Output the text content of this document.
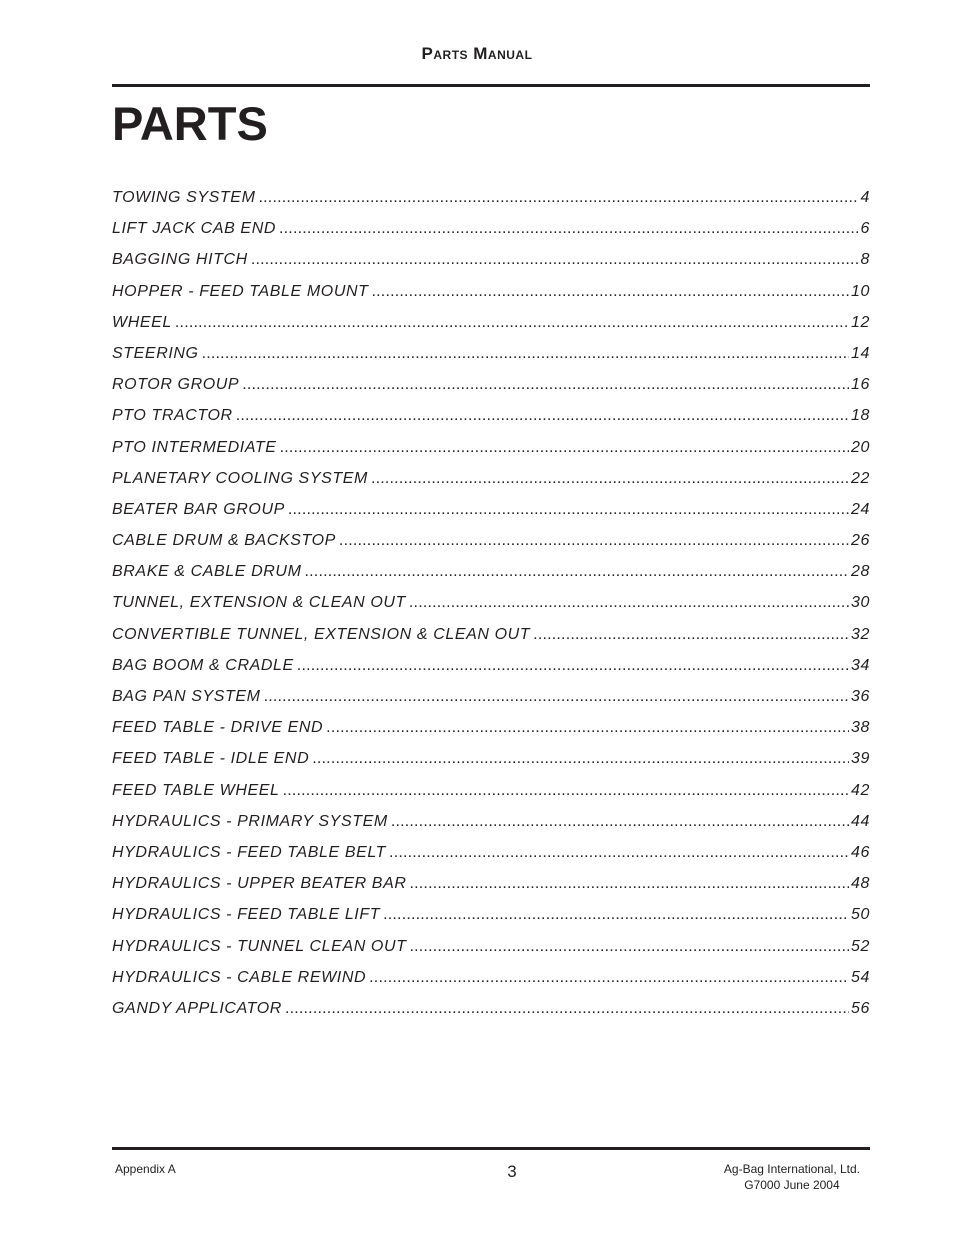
Parts Manual
PARTS
TOWING SYSTEM .....	4
LIFT JACK CAB END .....	6
BAGGING HITCH .....	8
HOPPER - FEED TABLE MOUNT .....	10
WHEEL .....	12
STEERING .....	14
ROTOR GROUP .....	16
PTO TRACTOR .....	18
PTO INTERMEDIATE .....	20
PLANETARY COOLING SYSTEM .....	22
BEATER BAR GROUP .....	24
CABLE DRUM & BACKSTOP .....	26
BRAKE & CABLE DRUM .....	28
TUNNEL, EXTENSION & CLEAN OUT .....	30
CONVERTIBLE TUNNEL, EXTENSION & CLEAN OUT .....	32
BAG BOOM & CRADLE .....	34
BAG PAN SYSTEM .....	36
FEED TABLE - DRIVE END .....	38
FEED TABLE - IDLE END .....	39
FEED TABLE WHEEL .....	42
HYDRAULICS - PRIMARY SYSTEM .....	44
HYDRAULICS - FEED TABLE BELT .....	46
HYDRAULICS - UPPER BEATER BAR .....	48
HYDRAULICS - FEED TABLE LIFT .....	50
HYDRAULICS - TUNNEL CLEAN OUT .....	52
HYDRAULICS - CABLE REWIND .....	54
GANDY APPLICATOR .....	56
Appendix A	3	Ag-Bag International, Ltd.
G7000 June 2004
